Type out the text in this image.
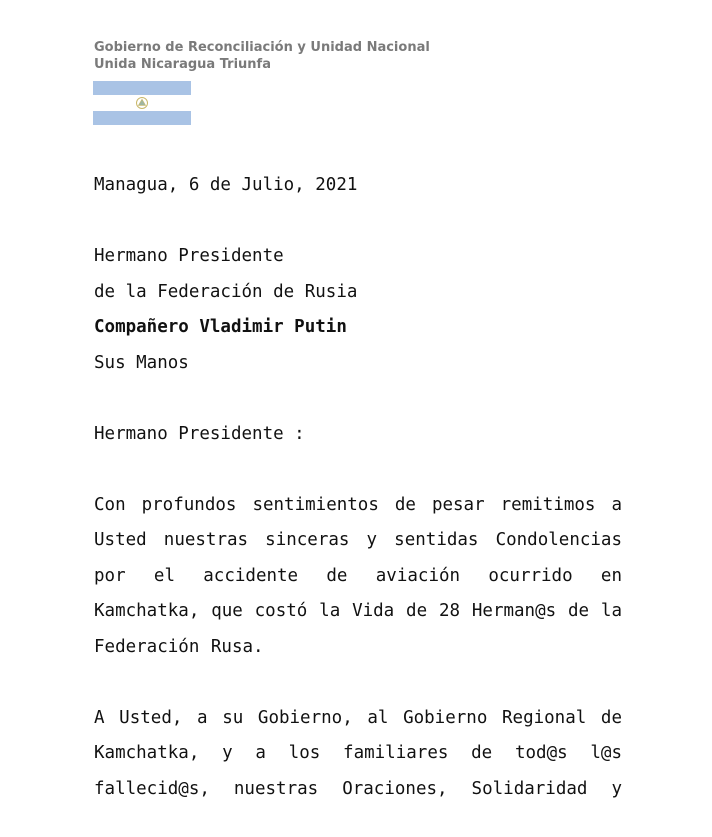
Gobierno de Reconciliación y Unidad Nacional
Unida Nicaragua Triunfa

Managua, 6 de Julio, 2021

Hermano Presidente

de la Federación de Rusia

Compañero Vladimir Putin

Sus Manos

Hermano Presidente :

Con profundos sentimientos de pesar remitimos a Usted nuestras sinceras y sentidas Condolencias por el accidente de aviación ocurrido en Kamchatka, que costó la Vida de 28 Herman@s de la Federación Rusa.

A Usted, a su Gobierno, al Gobierno Regional de Kamchatka, y a los familiares de tod@s l@s fallecid@s, nuestras Oraciones, Solidaridad y
